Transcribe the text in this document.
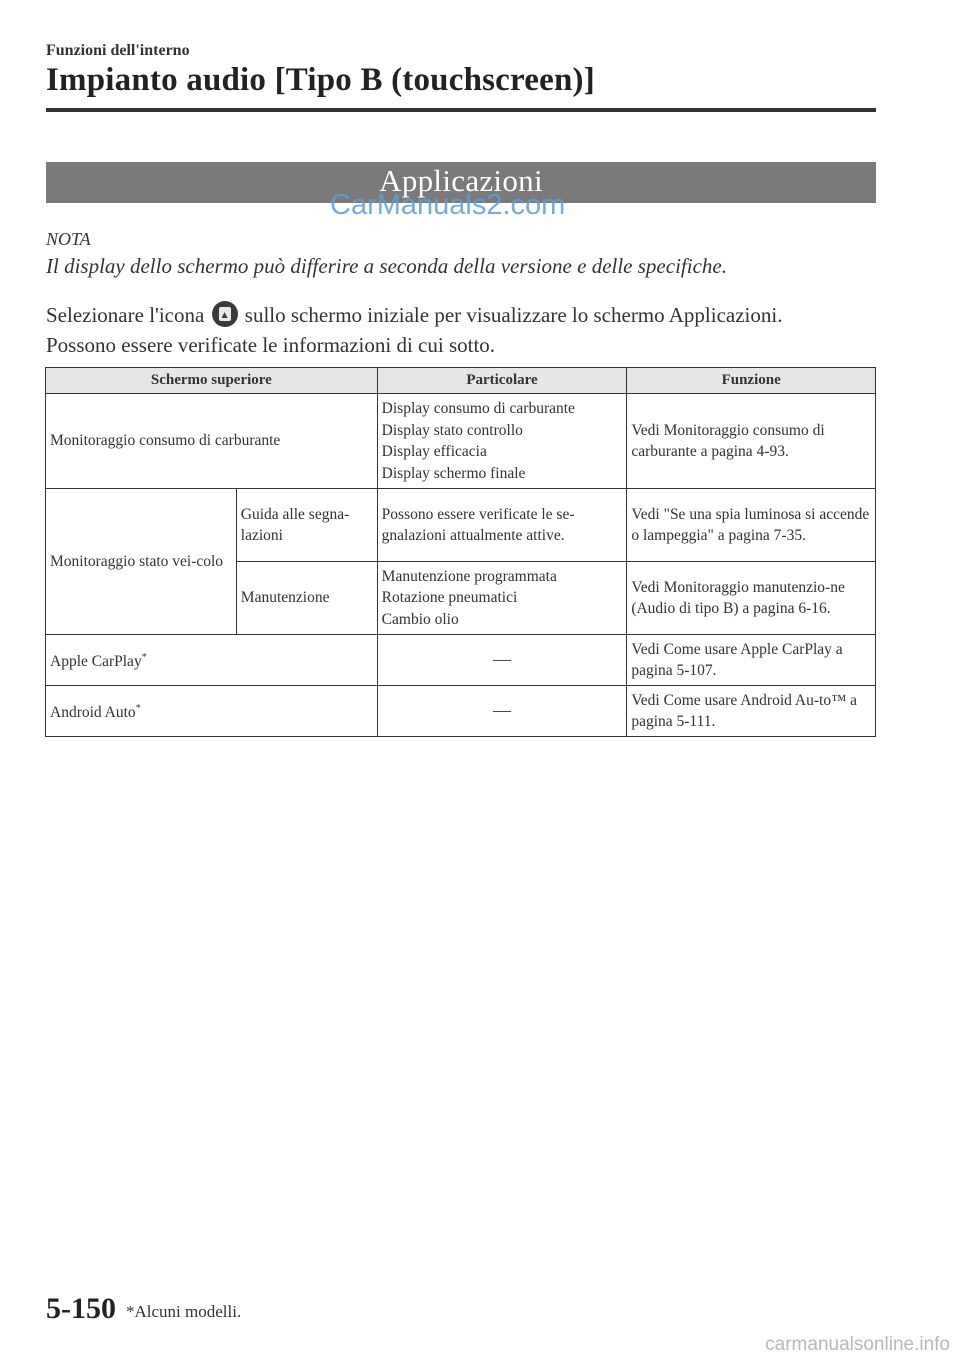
Funzioni dell'interno
Impianto audio [Tipo B (touchscreen)]
Applicazioni
CarManuals2.com
NOTA
Il display dello schermo può differire a seconda della versione e delle specifiche.
Selezionare l'icona sullo schermo iniziale per visualizzare lo schermo Applicazioni.
Possono essere verificate le informazioni di cui sotto.
Schermo superiore		Particolare	Funzione
Monitoraggio consumo di carburante		Display consumo di carburante
Display stato controllo
Display efficacia
Display schermo finale	Vedi Monitoraggio consumo di carburante a pagina 4-93.
Monitoraggio stato vei-colo	Guida alle segna-lazioni	Possono essere verificate le se-gnalazioni attualmente attive.	Vedi "Se una spia luminosa si accende o lampeggia" a pagina 7-35.
	Manutenzione	Manutenzione programmata
Rotazione pneumatici
Cambio olio	Vedi Monitoraggio manutenzio-ne (Audio di tipo B) a pagina 6-16.
Apple CarPlay*		—	Vedi Come usare Apple CarPlay a pagina 5-107.
Android Auto*		—	Vedi Come usare Android Au-to™ a pagina 5-111.
5-150 *Alcuni modelli.
carmanualsonline.info
